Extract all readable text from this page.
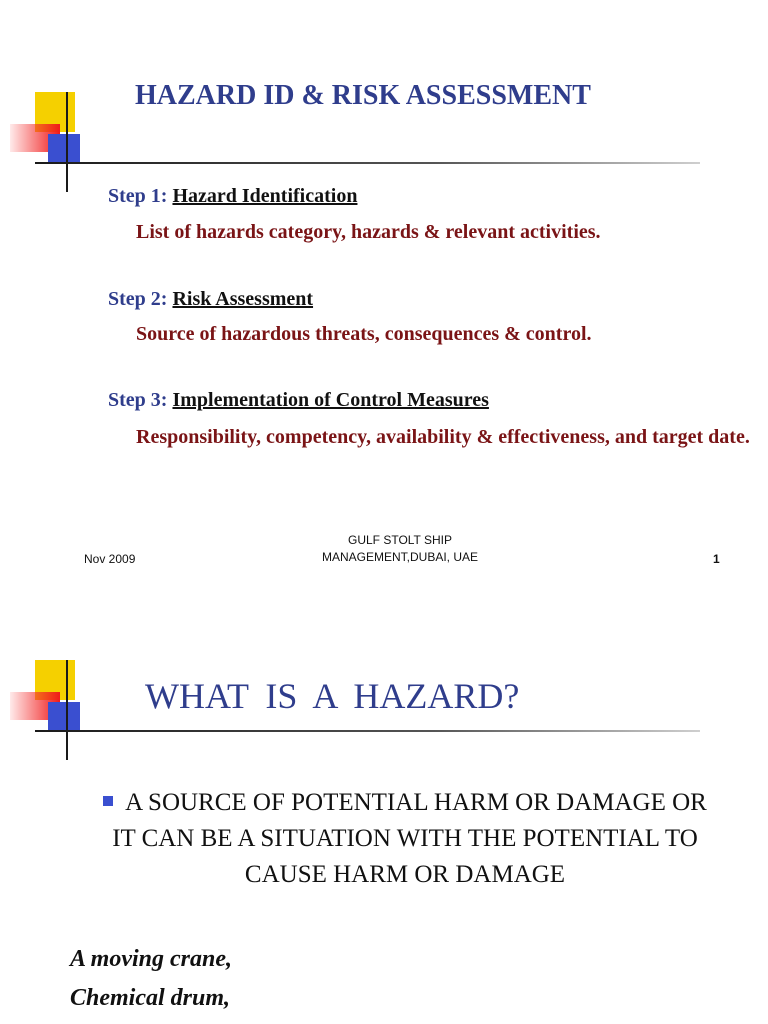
HAZARD ID & RISK ASSESSMENT
Step 1: Hazard Identification
List of hazards category, hazards & relevant activities.
Step 2: Risk Assessment
Source of hazardous threats, consequences & control.
Step 3: Implementation of Control Measures
Responsibility, competency, availability & effectiveness, and target date.
Nov 2009
GULF STOLT SHIP
MANAGEMENT,DUBAI, UAE	1
WHAT IS A HAZARD?
A SOURCE OF POTENTIAL HARM OR DAMAGE OR IT CAN BE A SITUATION WITH THE POTENTIAL TO CAUSE HARM OR DAMAGE
A moving crane,
Chemical drum,
